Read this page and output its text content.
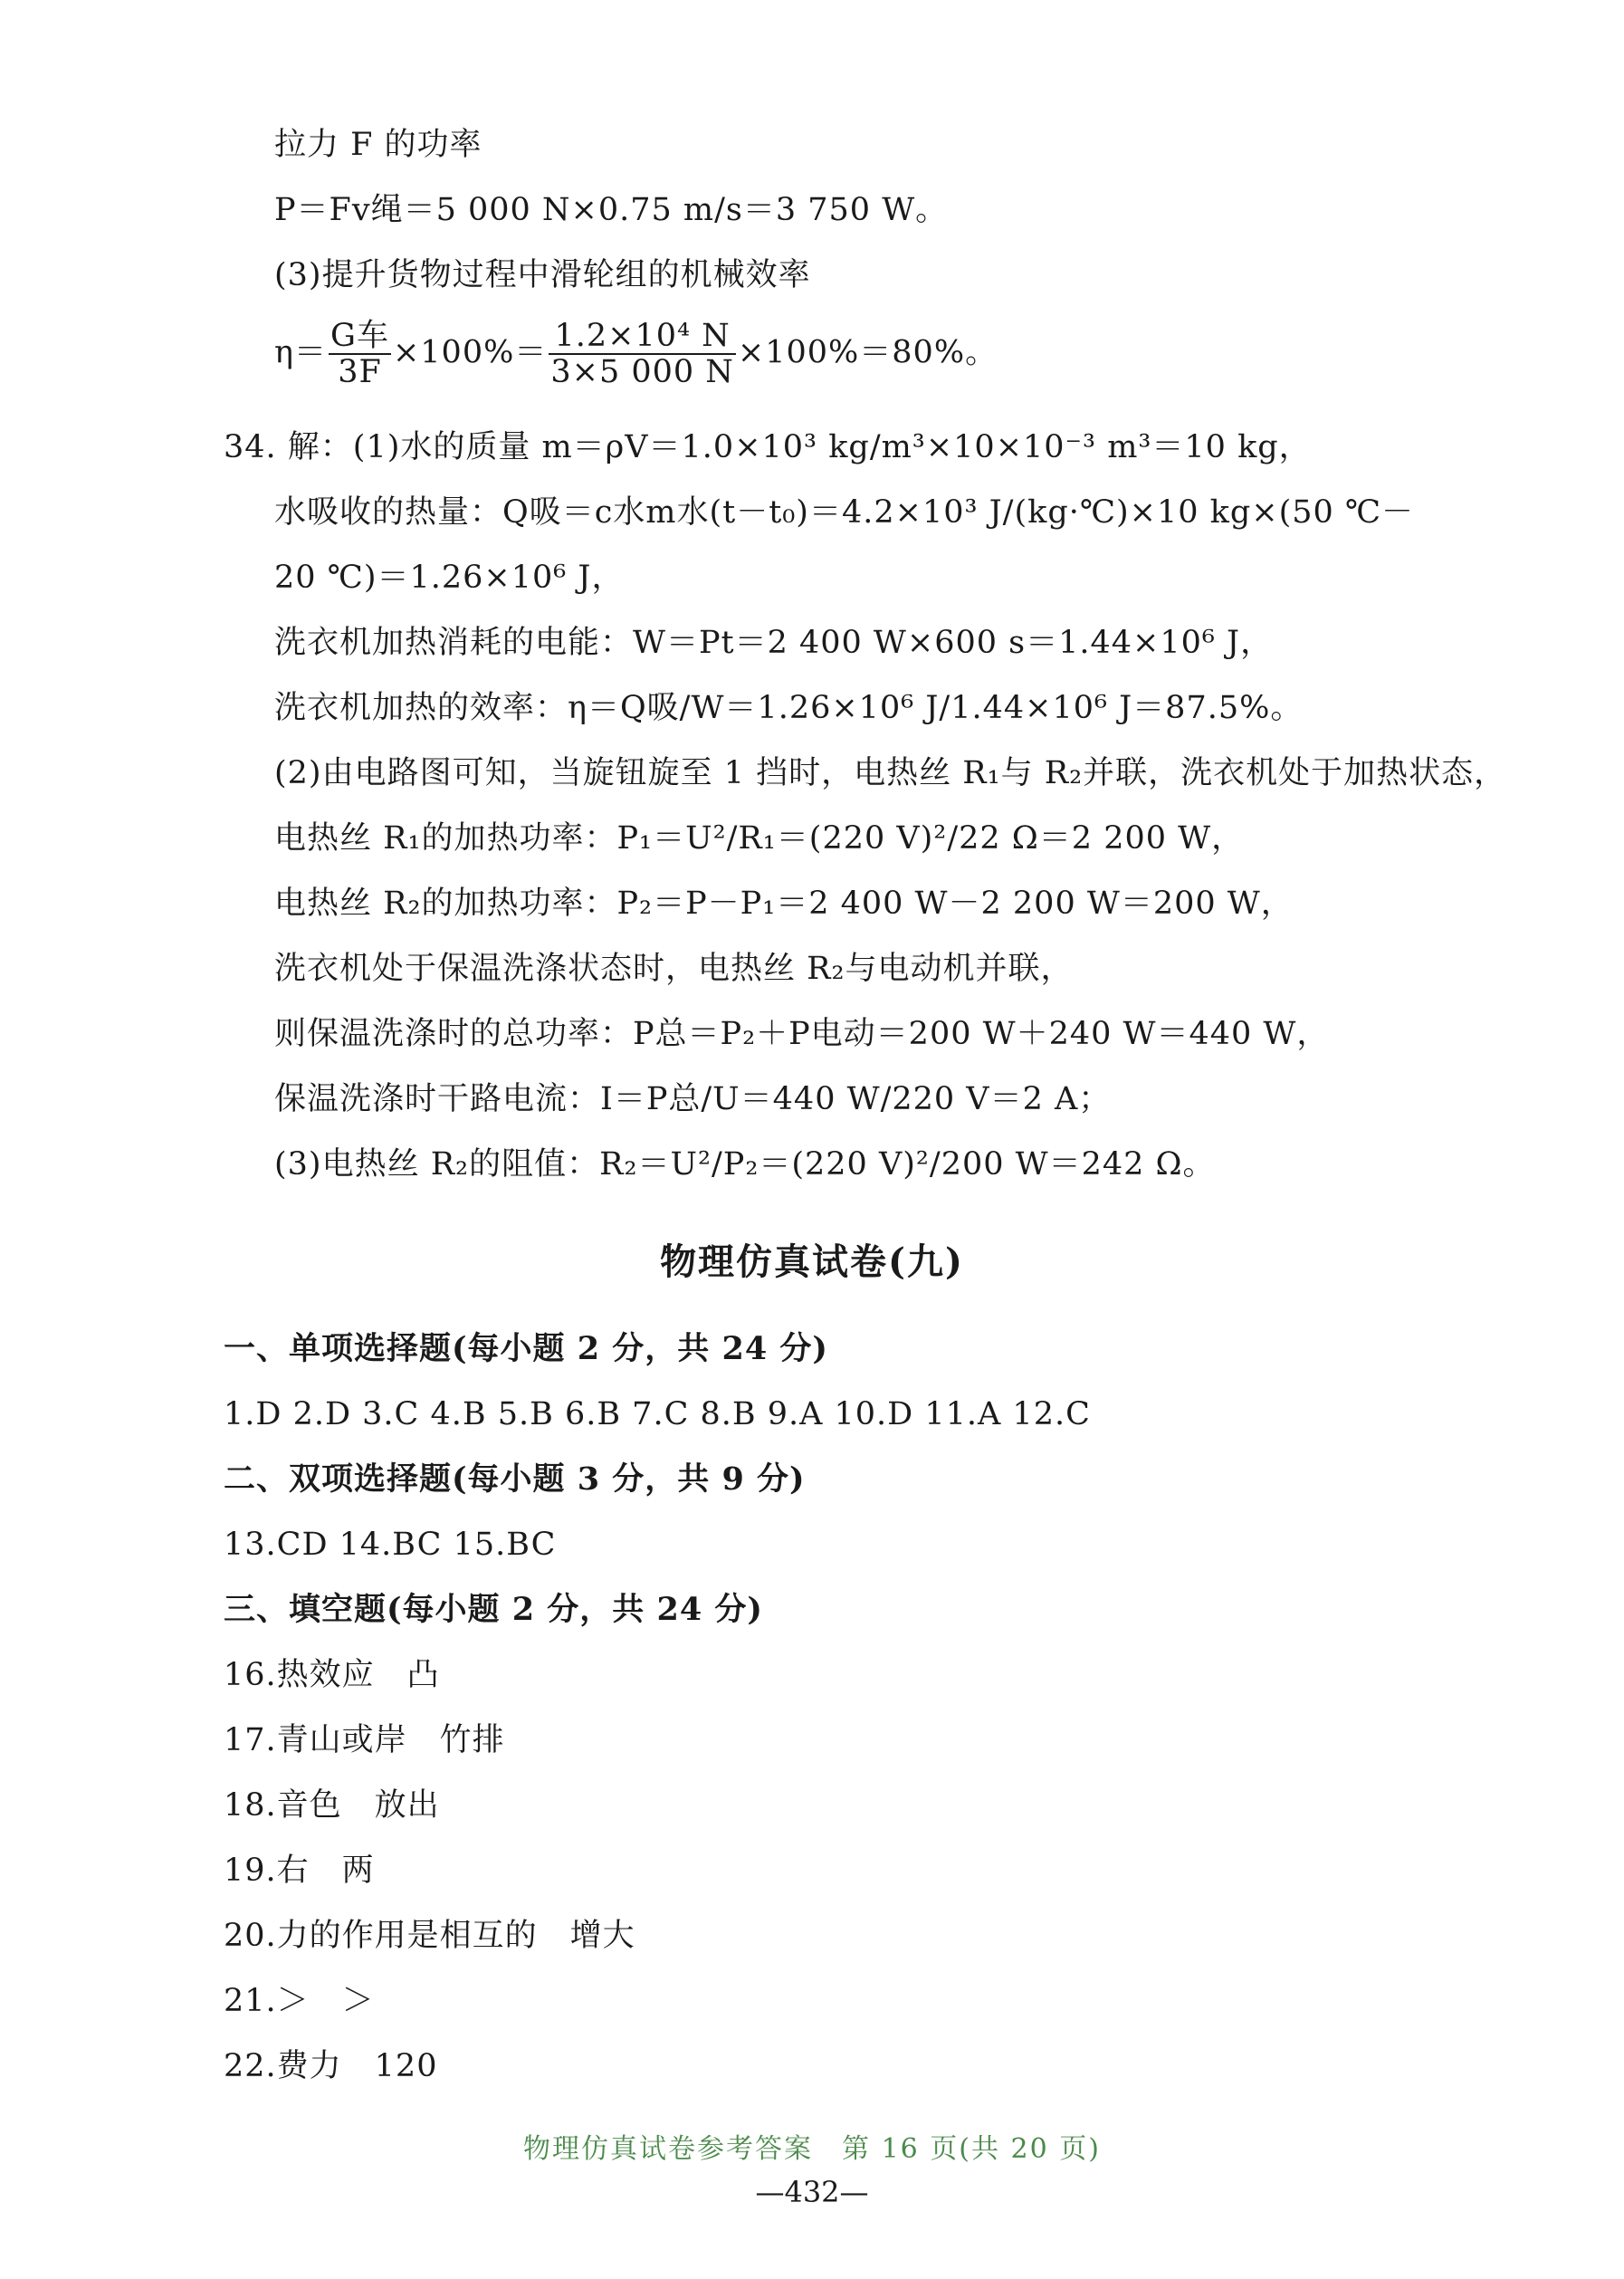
拉力 F 的功率
P＝Fv绳＝5 000 N×0.75 m/s＝3 750 W。
(3)提升货物过程中滑轮组的机械效率
$\eta= \frac{\text{G车}}{3F} \times 100\%= \frac{\text{1.2×10⁴ N}}{3\times 5 000 N} \times 100\%=80\%$。
34. 解：(1)水的质量 m＝ρV＝1.0×10³ kg/m³×10×10⁻³ m³＝10 kg，
水吸收的热量：Q吸＝c水m水(t－t₀)＝4.2×10³ J/(kg·℃)×10 kg×(50 ℃－
20 ℃)＝1.26×10⁶ J，
洗衣机加热消耗的电能：W＝Pt＝2 400 W×600 s＝1.44×10⁶ J，
洗衣机加热的效率：η＝Q吸/W＝1.26×10⁶ J/1.44×10⁶ J＝87.5%。
(2)由电路图可知，当旋钮旋至 1 挡时，电热丝 R₁与 R₂并联，洗衣机处于加热状态，
电热丝 R₁的加热功率：P₁＝U²/R₁＝(220 V)²/22 Ω＝2 200 W，
电热丝 R₂的加热功率：P₂＝P－P₁＝2 400 W－2 200 W＝200 W，
洗衣机处于保温洗涤状态时，电热丝 R₂与电动机并联，
则保温洗涤时的总功率：P总＝P₂＋P电动＝200 W＋240 W＝440 W，
保温洗涤时干路电流：I＝P总/U＝440 W/220 V＝2 A；
(3)电热丝 R₂的阻值：R₂＝U²/P₂＝(220 V)²/200 W＝242 Ω。
物理仿真试卷(九)
一、单项选择题(每小题 2 分，共 24 分)
1.D 2.D 3.C 4.B 5.B 6.B 7.C 8.B 9.A 10.D 11.A 12.C
二、双项选择题(每小题 3 分，共 9 分)
13.CD 14.BC 15.BC
三、填空题(每小题 2 分，共 24 分)
16.热效应　凸
17.青山或岸　竹排
18.音色　放出
19.右　两
20.力的作用是相互的　增大
21.＞　＞
22.费力　120
物理仿真试卷参考答案　第 16 页(共 20 页)
—432—
